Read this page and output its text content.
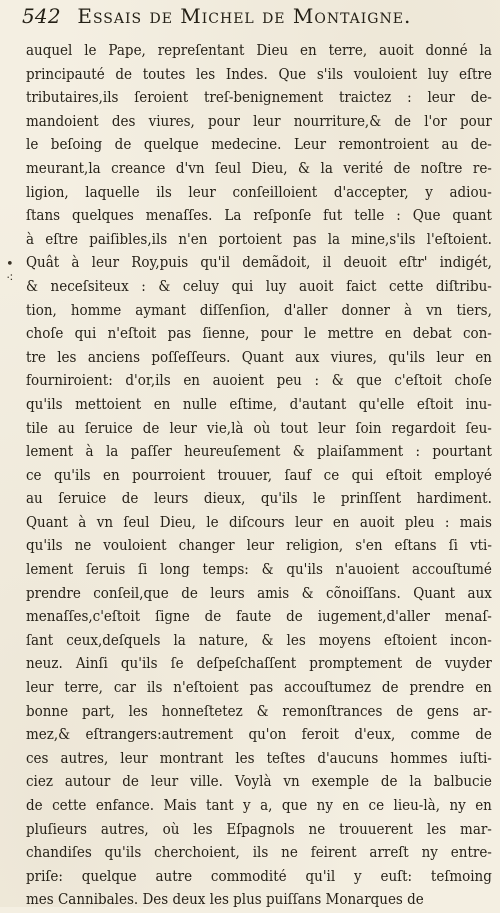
542 Essais de Michel de Montaigne.
• ⁖
auquel le Pape, repreſentant Dieu en terre, auoit donné la
principauté de toutes les Indes. Que s'ils vouloient luy eſtre
tributaires,ils ſeroient treſ-benignement traictez : leur de-
mandoient des viures, pour leur nourriture,& de l'or pour
le beſoing de quelque medecine. Leur remontroient au de-
meurant,la creance d'vn ſeul Dieu, & la verité de noſtre re-
ligion, laquelle ils leur conſeilloient d'accepter, y adiou-
ſtans quelques menaſſes. La reſponſe fut telle : Que quant
à eſtre paiſibles,ils n'en portoient pas la mine,s'ils l'eſtoient.
Quât à leur Roy,puis qu'il demãdoit, il deuoit eſtr' indigét,
& neceſsiteux : & celuy qui luy auoit faict cette diſtribu-
tion, homme aymant diſſenſion, d'aller donner à vn tiers,
choſe qui n'eſtoit pas ſienne, pour le mettre en debat con-
tre les anciens poſſeſſeurs. Quant aux viures, qu'ils leur en
fourniroient: d'or,ils en auoient peu : & que c'eſtoit choſe
qu'ils mettoient en nulle eſtime, d'autant qu'elle eſtoit inu-
tile au ſeruice de leur vie,là où tout leur ſoin regardoit ſeu-
lement à la paſſer heureuſement & plaiſamment : pourtant
ce qu'ils en pourroient trouuer, ſauf ce qui eſtoit employé
au ſeruice de leurs dieux, qu'ils le prinſſent hardiment.
Quant à vn ſeul Dieu, le diſcours leur en auoit pleu : mais
qu'ils ne vouloient changer leur religion, s'en eſtans ſi vti-
lement ſeruis ſi long temps: & qu'ils n'auoient accouſtumé
prendre conſeil,que de leurs amis & cõnoiſſans. Quant aux
menaſſes,c'eſtoit ſigne de faute de iugement,d'aller menaſ-
ſant ceux,deſquels la nature, & les moyens eſtoient incon-
neuz. Ainſi qu'ils ſe deſpeſchaſſent promptement de vuyder
leur terre, car ils n'eſtoient pas accouſtumez de prendre en
bonne part, les honneſtetez & remonſtrances de gens ar-
mez,& eſtrangers:autrement qu'on feroit d'eux, comme de
ces autres, leur montrant les teſtes d'aucuns hommes iuſti-
ciez autour de leur ville. Voylà vn exemple de la balbucie
de cette enfance. Mais tant y a, que ny en ce lieu-là, ny en
pluſieurs autres, où les Eſpagnols ne trouuerent les mar-
chandiſes qu'ils cherchoient, ils ne feirent arreſt ny entre-
priſe: quelque autre commodité qu'il y euſt: teſmoing
mes Cannibales. Des deux les plus puiſſans Monarques de
